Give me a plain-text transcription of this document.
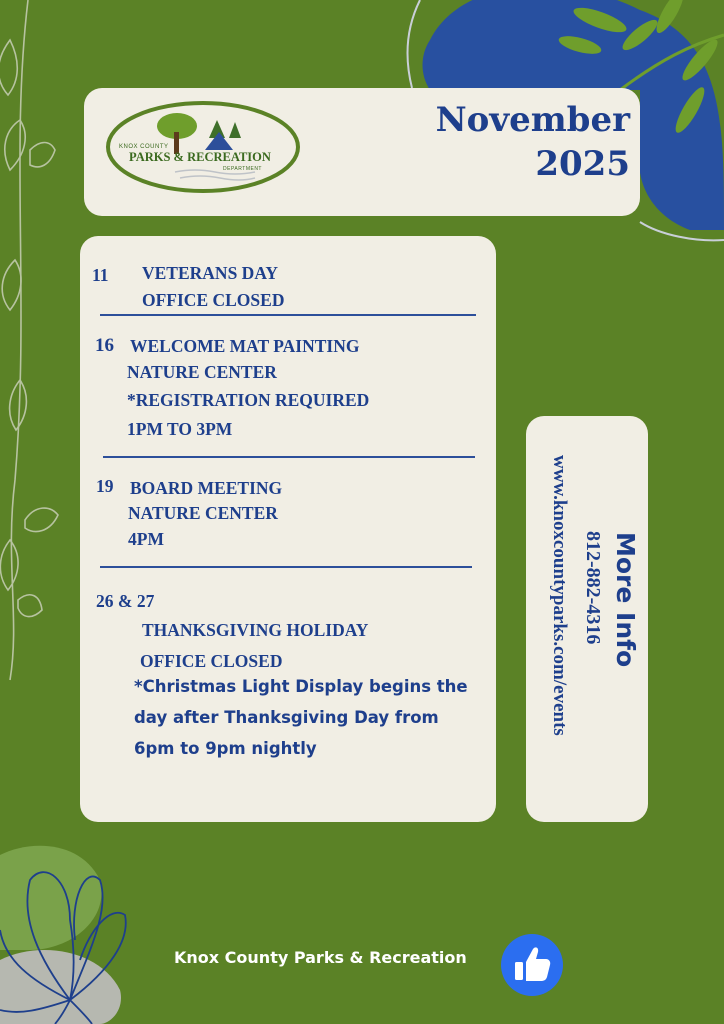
KNOX COUNTY
PARKS & RECREATION
DEPARTMENT
November
2025
11 VETERANS DAY
OFFICE CLOSED
16 WELCOME MAT PAINTING
NATURE CENTER
*REGISTRATION REQUIRED
1PM TO 3PM
19 BOARD MEETING
NATURE CENTER
4PM
26 & 27
THANKSGIVING HOLIDAY
OFFICE CLOSED
*Christmas Light Display begins the
day after Thanksgiving Day from
6pm to 9pm nightly
More Info
812-882-4316
www.knoxcountyparks.com/events
Knox County Parks & Recreation
